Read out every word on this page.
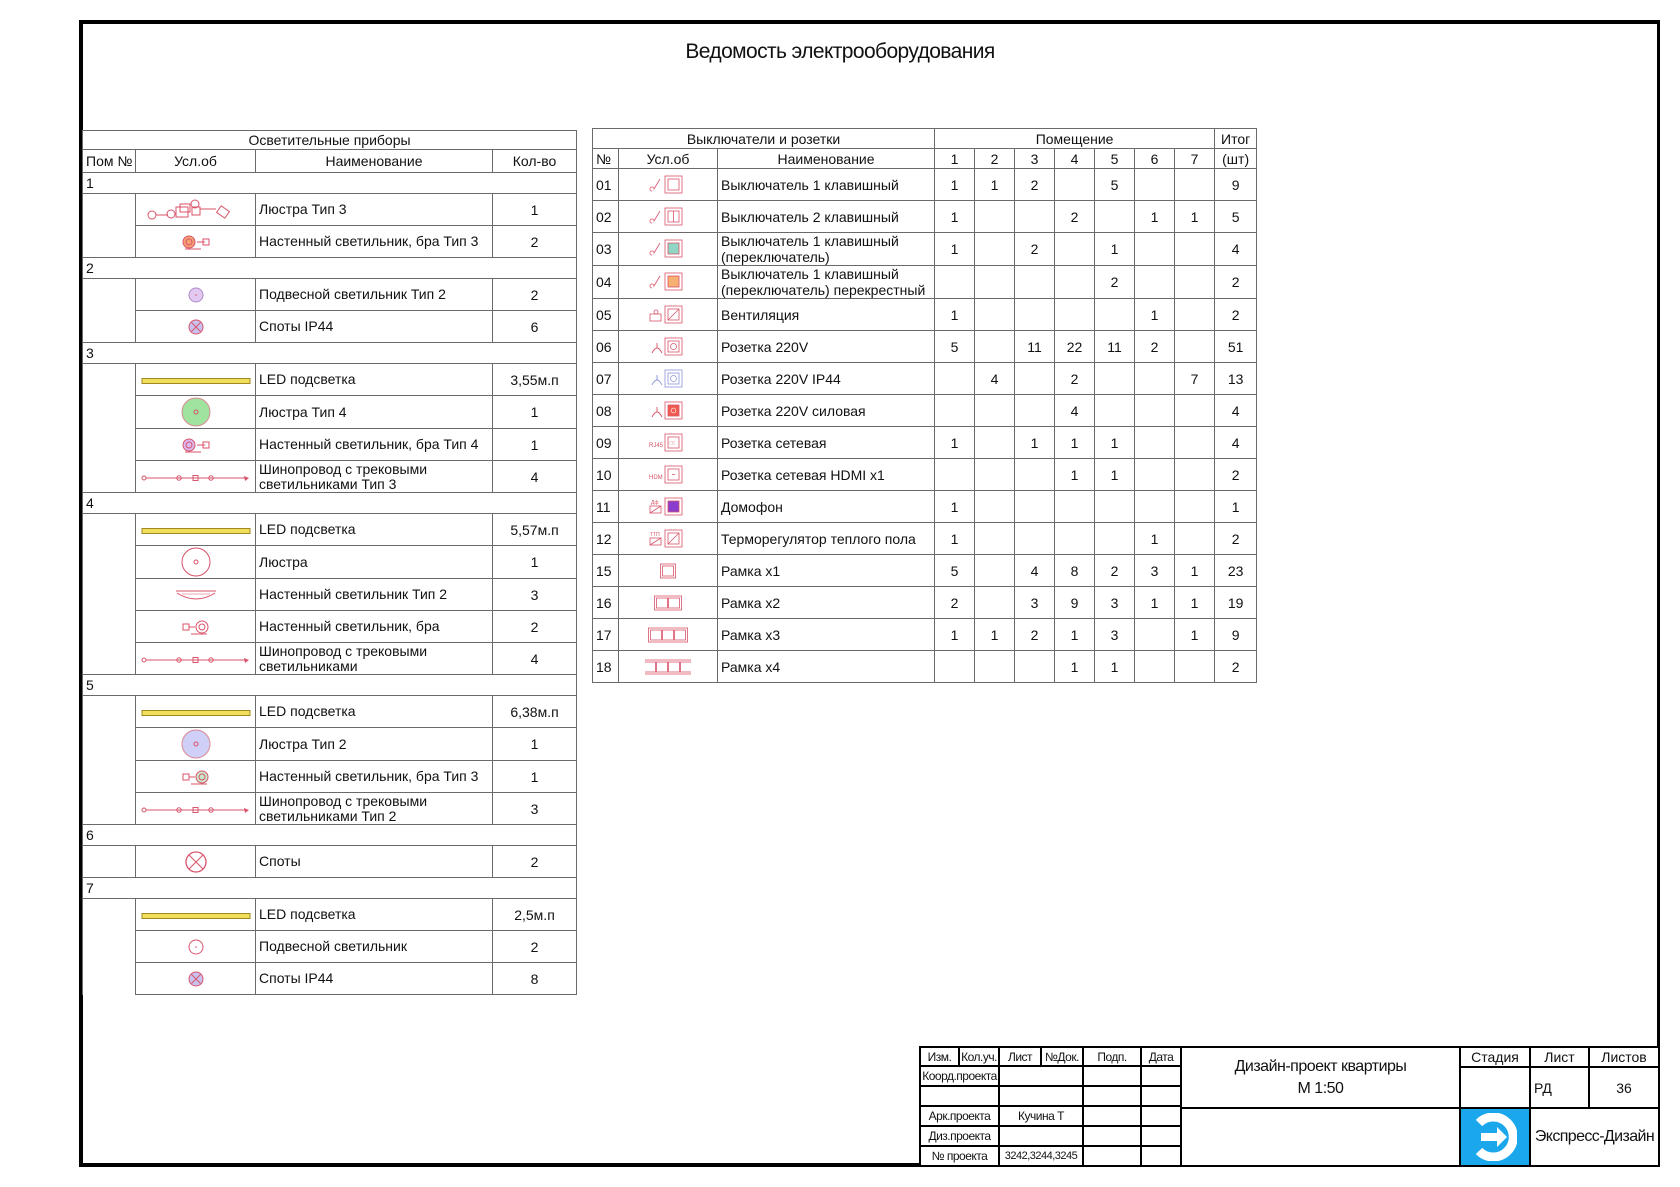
Ведомость электрооборудования
Осветительные приборы			
Пом №	Усл.об	Наименование	Кол-во
1			
		Люстра Тип 3	1
	Настенный светильник, бра Тип 3	2
2			
		Подвесной светильник Тип 2	2
	Споты IP44	6
3			
		LED подсветка	3,55м.п
	Люстра Тип 4	1
	Настенный светильник, бра Тип 4	1
	Шинопровод с трековыми светильниками Тип 3	4
4			
		LED подсветка	5,57м.п
	Люстра	1
	Настенный светильник Тип 2	3
	Настенный светильник, бра	2
	Шинопровод с трековыми светильниками	4
5			
		LED подсветка	6,38м.п
	Люстра Тип 2	1
	Настенный светильник, бра Тип 3	1
	Шинопровод с трековыми светильниками Тип 2	3
6			
		Споты	2
7			
		LED подсветка	2,5м.п
	Подвесной светильник	2
	Споты IP44	8
Выключатели и розетки			Помещение							Итог
№	Усл.об	Наименование	1	2	3	4	5	6	7	(шт)
01		Выключатель 1 клавишный	1	1	2		5			9
02		Выключатель 2 клавишный	1			2		1	1	5
03		Выключатель 1 клавишный (переключатель)	1		2		1			4
04		Выключатель 1 клавишный (переключатель) перекрестный					2			2
05		Вентиляция	1					1		2
06		Розетка 220V	5		11	22	11	2		51
07		Розетка 220V IP44		4		2			7	13
08		Розетка 220V силовая				4				4
09	RJ45 □□	Розетка сетевая	1		1	1	1			4
10	HDM	Розетка сетевая HDMI x1				1	1			2
11	Дф	Домофон	1							1
12	ТТП	Терморегулятор теплого пола	1					1		2
15		Рамка x1	5		4	8	2	3	1	23
16		Рамка x2	2		3	9	3	1	1	19
17		Рамка x3	1	1	2	1	3		1	9
18		Рамка x4				1	1			2
Изм. Кол.уч. Лист	№Док.	Подп.	Дата
Коорд.проекта
Арк.проекта	Кучина Т
Диз.проекта
№ проекта	3242,3244,3245
Дизайн-проект квартиры
М 1:50
Стадия	Лист	Листов
РД	36
Экспресс-Дизайн
